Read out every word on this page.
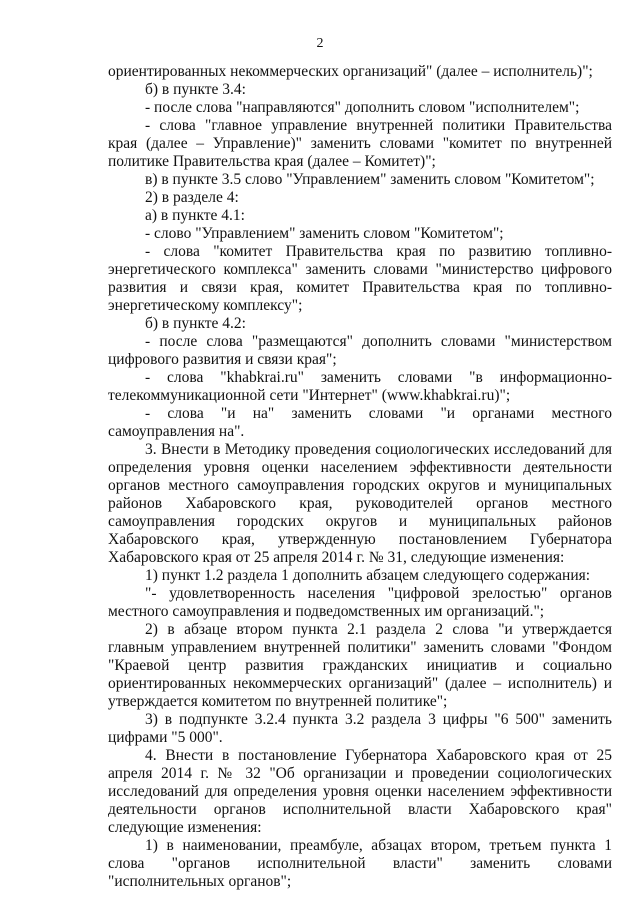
2

ориентированных некоммерческих организаций" (далее – исполнитель)";

б) в пункте 3.4:

- после слова "направляются" дополнить словом "исполнителем";

- слова "главное управление внутренней политики Правительства края (далее – Управление)" заменить словами "комитет по внутренней политике Правительства края (далее – Комитет)";

в) в пункте 3.5 слово "Управлением" заменить словом "Комитетом";

2) в разделе 4:

а) в пункте 4.1:

- слово "Управлением" заменить словом "Комитетом";

- слова "комитет Правительства края по развитию топливно-энергетического комплекса" заменить словами "министерство цифрового развития и связи края, комитет Правительства края по топливно-энергетическому комплексу";

б) в пункте 4.2:

- после слова "размещаются" дополнить словами "министерством цифрового развития и связи края";

- слова "khabkrai.ru" заменить словами "в информационно-телекоммуникационной сети "Интернет" (www.khabkrai.ru)";

- слова "и на" заменить словами "и органами местного самоуправления на".

3. Внести в Методику проведения социологических исследований для определения уровня оценки населением эффективности деятельности органов местного самоуправления городских округов и муниципальных районов Хабаровского края, руководителей органов местного самоуправления городских округов и муниципальных районов Хабаровского края, утвержденную постановлением Губернатора Хабаровского края от 25 апреля 2014 г. № 31, следующие изменения:

1) пункт 1.2 раздела 1 дополнить абзацем следующего содержания:

"- удовлетворенность населения "цифровой зрелостью" органов местного самоуправления и подведомственных им организаций.";

2) в абзаце втором пункта 2.1 раздела 2 слова "и утверждается главным управлением внутренней политики" заменить словами "Фондом "Краевой центр развития гражданских инициатив и социально ориентированных некоммерческих организаций" (далее – исполнитель) и утверждается комитетом по внутренней политике";

3) в подпункте 3.2.4 пункта 3.2 раздела 3 цифры "6 500" заменить цифрами "5 000".

4. Внести в постановление Губернатора Хабаровского края от 25 апреля 2014 г. № 32 "Об организации и проведении социологических исследований для определения уровня оценки населением эффективности деятельности органов исполнительной власти Хабаровского края" следующие изменения:

1) в наименовании, преамбуле, абзацах втором, третьем пункта 1 слова "органов исполнительной власти" заменить словами "исполнительных органов";
